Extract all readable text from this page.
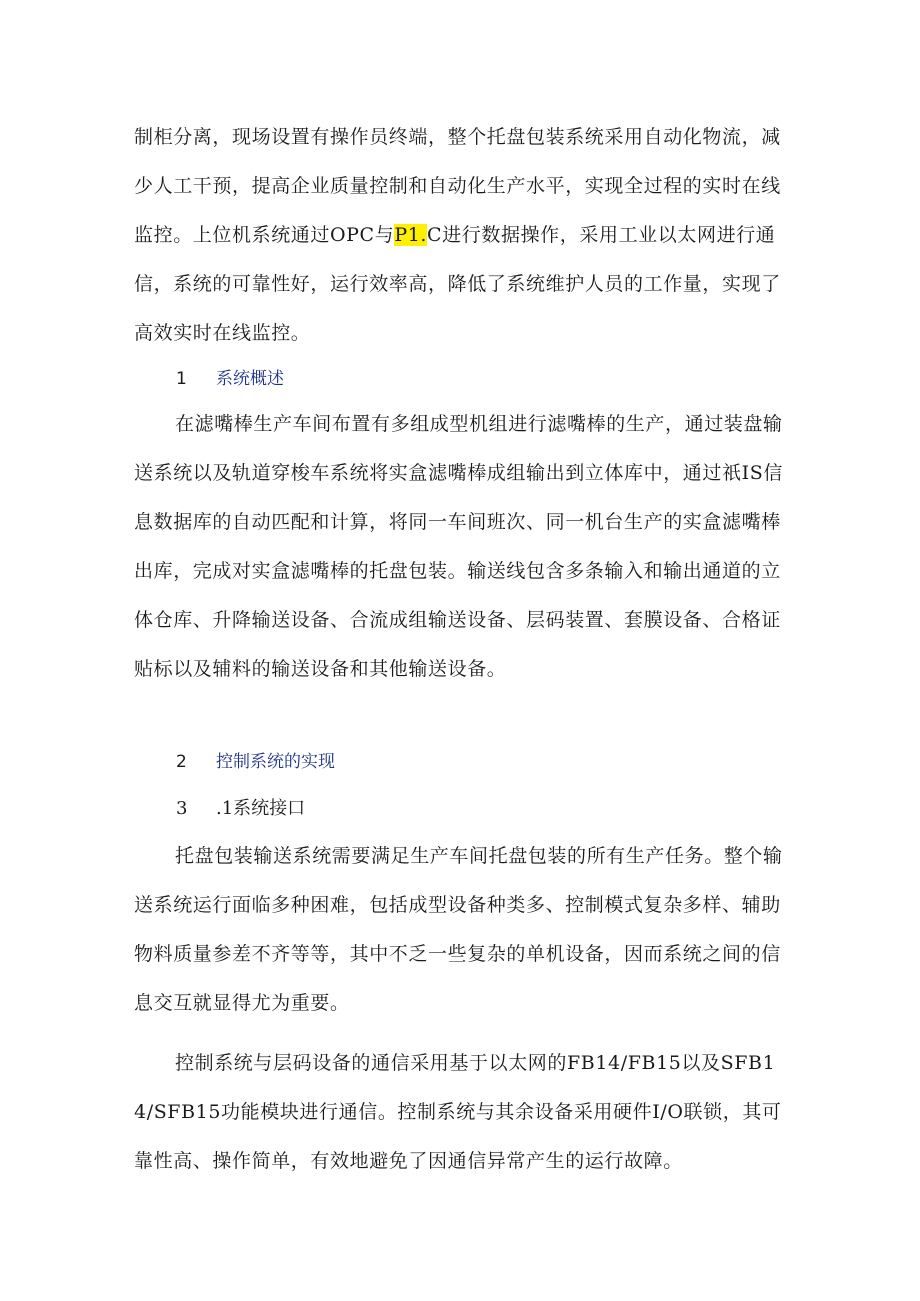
制柜分离，现场设置有操作员终端，整个托盘包装系统采用自动化物流，减少人工干预，提高企业质量控制和自动化生产水平，实现全过程的实时在线监控。上位机系统通过OPC与P1.C进行数据操作，采用工业以太网进行通信，系统的可靠性好，运行效率高，降低了系统维护人员的工作量，实现了高效实时在线监控。

1 系统概述

在滤嘴棒生产车间布置有多组成型机组进行滤嘴棒的生产，通过装盘输送系统以及轨道穿梭车系统将实盒滤嘴棒成组输出到立体库中，通过祇IS信息数据库的自动匹配和计算，将同一车间班次、同一机台生产的实盒滤嘴棒出库，完成对实盒滤嘴棒的托盘包装。输送线包含多条输入和输出通道的立体仓库、升降输送设备、合流成组输送设备、层码装置、套膜设备、合格证贴标以及辅料的输送设备和其他输送设备。

2 控制系统的实现
3 .1系统接口

托盘包装输送系统需要满足生产车间托盘包装的所有生产任务。整个输送系统运行面临多种困难，包括成型设备种类多、控制模式复杂多样、辅助物料质量参差不齐等等，其中不乏一些复杂的单机设备，因而系统之间的信息交互就显得尤为重要。

控制系统与层码设备的通信采用基于以太网的FB14/FB15以及SFB14/SFB15功能模块进行通信。控制系统与其余设备采用硬件I/O联锁，其可靠性高、操作简单，有效地避免了因通信异常产生的运行故障。
